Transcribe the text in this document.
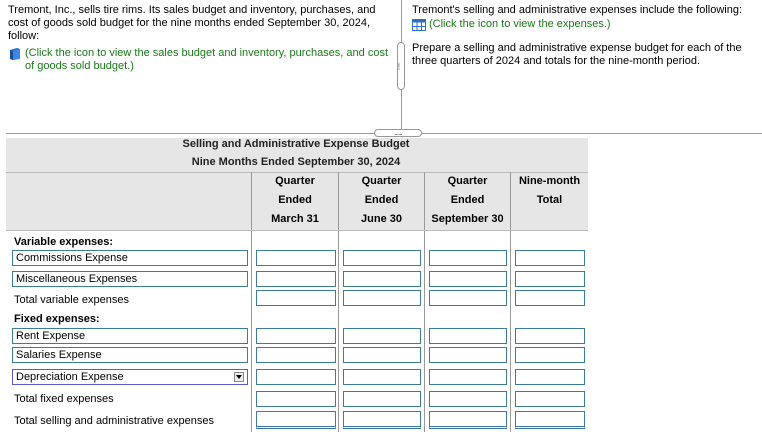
Tremont, Inc., sells tire rims. Its sales budget and inventory, purchases, and cost of goods sold budget for the nine months ended September 30, 2024, follow:
(Click the icon to view the sales budget and inventory, purchases, and cost of goods sold budget.)
Tremont's selling and administrative expenses include the following:
(Click the icon to view the expenses.)
Prepare a selling and administrative expense budget for each of the three quarters of 2024 and totals for the nine-month period.
......
......
Selling and Administrative Expense Budget
Nine Months Ended September 30, 2024
Quarter
Ended
March 31
Quarter
Ended
June 30
Quarter
Ended
September 30
Nine-month
Total
Variable expenses:
Commissions Expense
Miscellaneous Expenses
Total variable expenses
Fixed expenses:
Rent Expense
Salaries Expense
Depreciation Expense
Total fixed expenses
Total selling and administrative expenses
